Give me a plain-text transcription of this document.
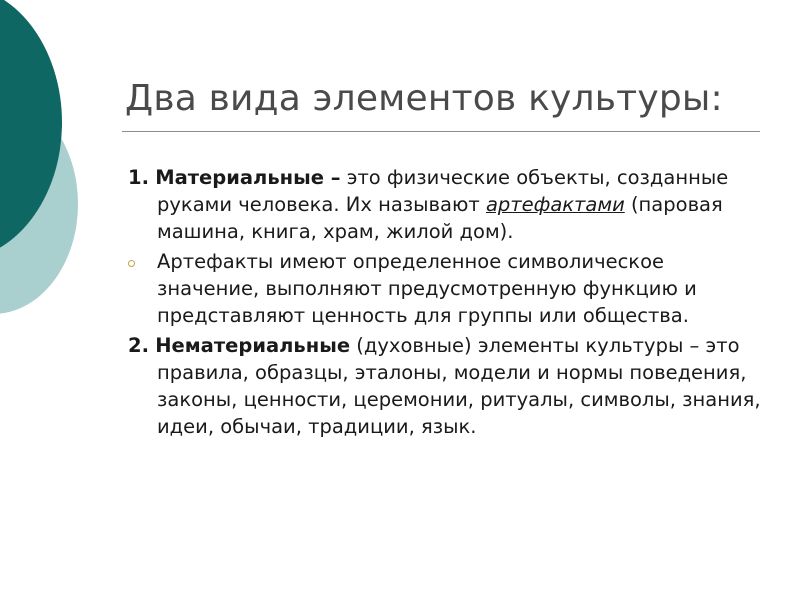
Два вида элементов культуры:

1. Материальные – это физические объекты, созданные руками человека. Их называют артефактами (паровая машина, книга, храм, жилой дом).

Артефакты имеют определенное символическое значение, выполняют предусмотренную функцию и представляют ценность для группы или общества.

2. Нематериальные (духовные) элементы культуры – это правила, образцы, эталоны, модели и нормы поведения, законы, ценности, церемонии, ритуалы, символы, знания, идеи, обычаи, традиции, язык.
